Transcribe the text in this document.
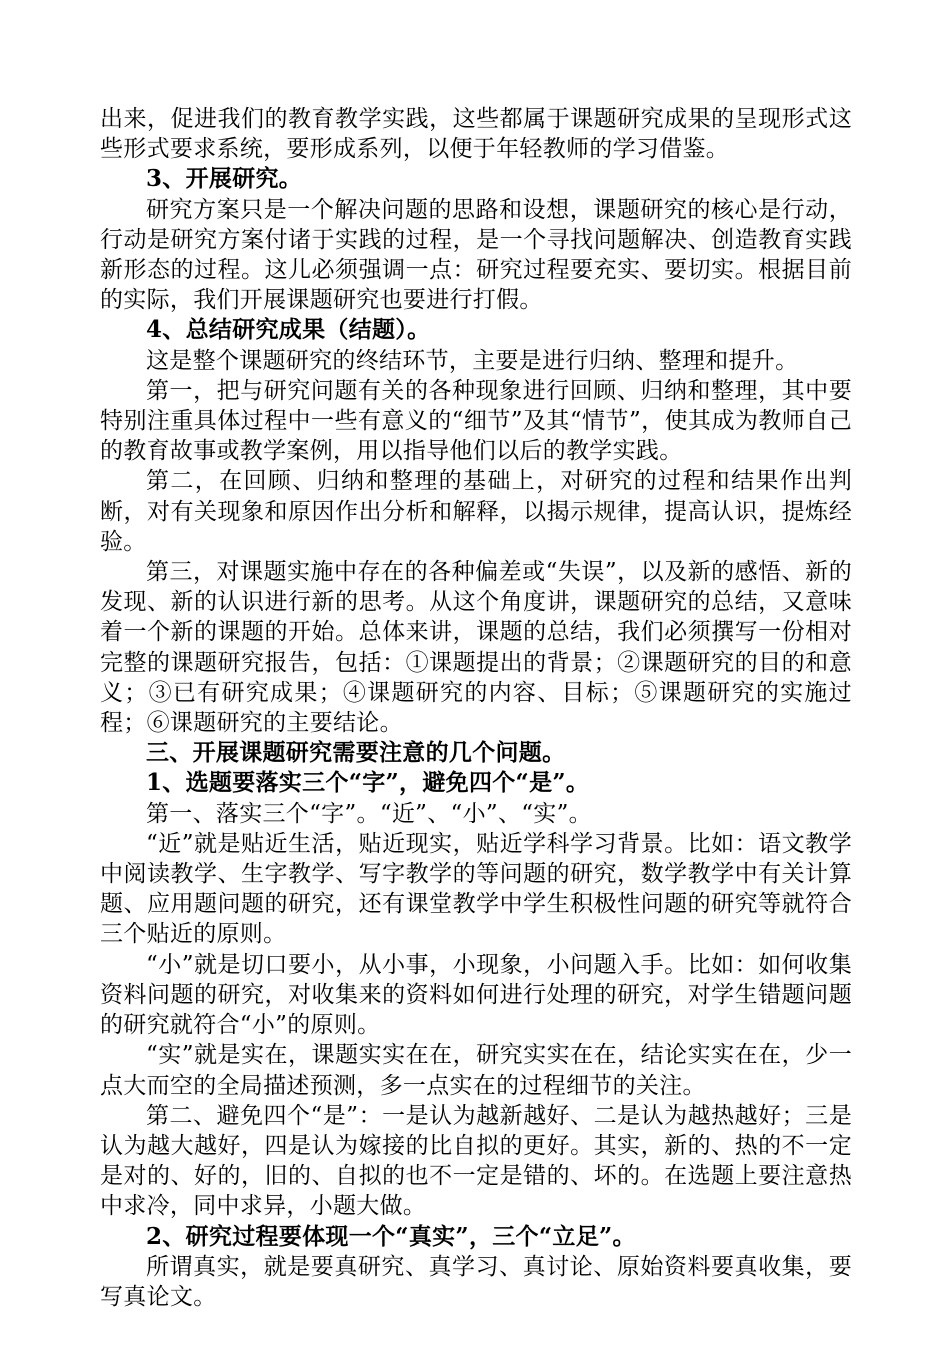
出来，促进我们的教育教学实践，这些都属于课题研究成果的呈现形式这些形式要求系统，要形成系列，以便于年轻教师的学习借鉴。

3、开展研究。

研究方案只是一个解决问题的思路和设想，课题研究的核心是行动，行动是研究方案付诸于实践的过程，是一个寻找问题解决、创造教育实践新形态的过程。这儿必须强调一点：研究过程要充实、要切实。根据目前的实际，我们开展课题研究也要进行打假。

4、总结研究成果（结题）。

这是整个课题研究的终结环节，主要是进行归纳、整理和提升。

第一，把与研究问题有关的各种现象进行回顾、归纳和整理，其中要特别注重具体过程中一些有意义的“细节”及其“情节”，使其成为教师自己的教育故事或教学案例，用以指导他们以后的教学实践。

第二，在回顾、归纳和整理的基础上，对研究的过程和结果作出判断，对有关现象和原因作出分析和解释，以揭示规律，提高认识，提炼经验。

第三，对课题实施中存在的各种偏差或“失误”，以及新的感悟、新的发现、新的认识进行新的思考。从这个角度讲，课题研究的总结，又意味着一个新的课题的开始。总体来讲，课题的总结，我们必须撰写一份相对完整的课题研究报告，包括：①课题提出的背景；②课题研究的目的和意义；③已有研究成果；④课题研究的内容、目标；⑤课题研究的实施过程；⑥课题研究的主要结论。

三、开展课题研究需要注意的几个问题。

1、选题要落实三个“字”，避免四个“是”。

第一、落实三个“字”。“近”、“小”、“实”。

“近”就是贴近生活，贴近现实，贴近学科学习背景。比如：语文教学中阅读教学、生字教学、写字教学的等问题的研究，数学教学中有关计算题、应用题问题的研究，还有课堂教学中学生积极性问题的研究等就符合三个贴近的原则。

“小”就是切口要小，从小事，小现象，小问题入手。比如：如何收集资料问题的研究，对收集来的资料如何进行处理的研究，对学生错题问题的研究就符合“小”的原则。

“实”就是实在，课题实实在在，研究实实在在，结论实实在在，少一点大而空的全局描述预测，多一点实在的过程细节的关注。

第二、避免四个“是”：一是认为越新越好、二是认为越热越好；三是认为越大越好，四是认为嫁接的比自拟的更好。其实，新的、热的不一定是对的、好的，旧的、自拟的也不一定是错的、坏的。在选题上要注意热中求冷，同中求异，小题大做。

2、研究过程要体现一个“真实”，三个“立足”。

所谓真实，就是要真研究、真学习、真讨论、原始资料要真收集，要写真论文。
